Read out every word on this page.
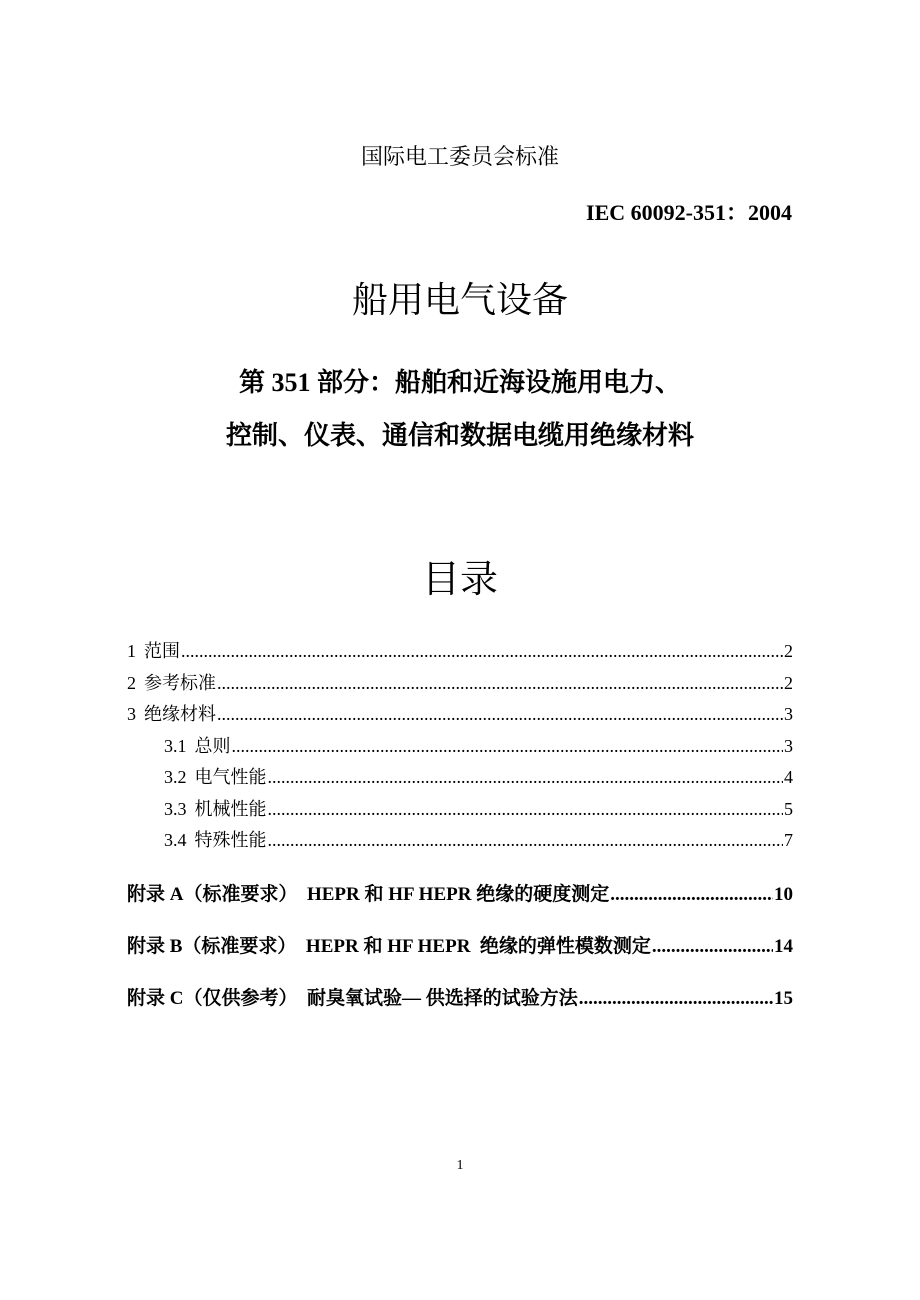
国际电工委员会标准
IEC 60092-351：2004
船用电气设备
第 351 部分：船舶和近海设施用电力、
控制、仪表、通信和数据电缆用绝缘材料
目录
1 范围 .....	2
2 参考标准 .....	2
3 绝缘材料 .....	3
3.1 总则 .....	3
3.2 电气性能 .....	4
3.3 机械性能 .....	5
3.4 特殊性能 .....	7
附录 A（标准要求）  HEPR 和 HF HEPR 绝缘的硬度测定 .....	10
附录 B（标准要求）  HEPR 和 HF HEPR  绝缘的弹性模数测定 .....	14
附录 C（仅供参考）  耐臭氧试验— 供选择的试验方法 .....	15
1
